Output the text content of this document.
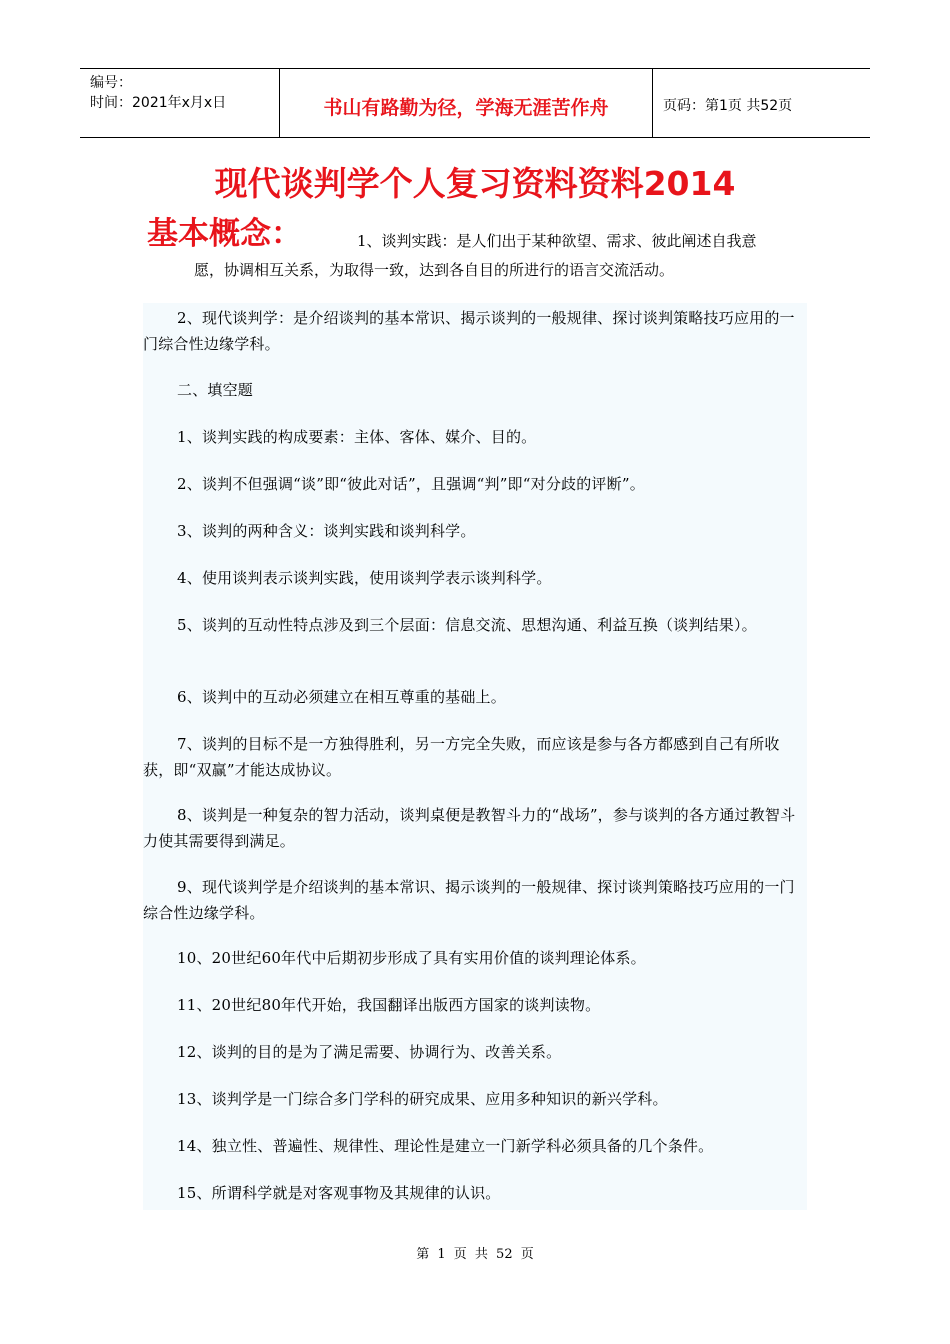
编号：
时间：2021年x月x日	书山有路勤为径，学海无涯苦作舟	页码：第1页 共52页
现代谈判学个人复习资料资料2014
基本概念：	1、谈判实践：是人们出于某种欲望、需求、彼此阐述自我意
愿，协调相互关系，为取得一致，达到各自目的所进行的语言交流活动。

2、现代谈判学：是介绍谈判的基本常识、揭示谈判的一般规律、探讨谈判策略技巧应用的一门综合性边缘学科。

二、填空题

1、谈判实践的构成要素：主体、客体、媒介、目的。

2、谈判不但强调“谈”即“彼此对话”，且强调“判”即“对分歧的评断”。

3、谈判的两种含义：谈判实践和谈判科学。

4、使用谈判表示谈判实践，使用谈判学表示谈判科学。

5、谈判的互动性特点涉及到三个层面：信息交流、思想沟通、利益互换（谈判结果）。

6、谈判中的互动必须建立在相互尊重的基础上。

7、谈判的目标不是一方独得胜利，另一方完全失败，而应该是参与各方都感到自己有所收获，即“双赢”才能达成协议。

8、谈判是一种复杂的智力活动，谈判桌便是教智斗力的“战场”，参与谈判的各方通过教智斗力使其需要得到满足。

9、现代谈判学是介绍谈判的基本常识、揭示谈判的一般规律、探讨谈判策略技巧应用的一门综合性边缘学科。

10、20世纪60年代中后期初步形成了具有实用价值的谈判理论体系。

11、20世纪80年代开始，我国翻译出版西方国家的谈判读物。

12、谈判的目的是为了满足需要、协调行为、改善关系。

13、谈判学是一门综合多门学科的研究成果、应用多种知识的新兴学科。

14、独立性、普遍性、规律性、理论性是建立一门新学科必须具备的几个条件。

15、所谓科学就是对客观事物及其规律的认识。

第 1 页 共 52 页
